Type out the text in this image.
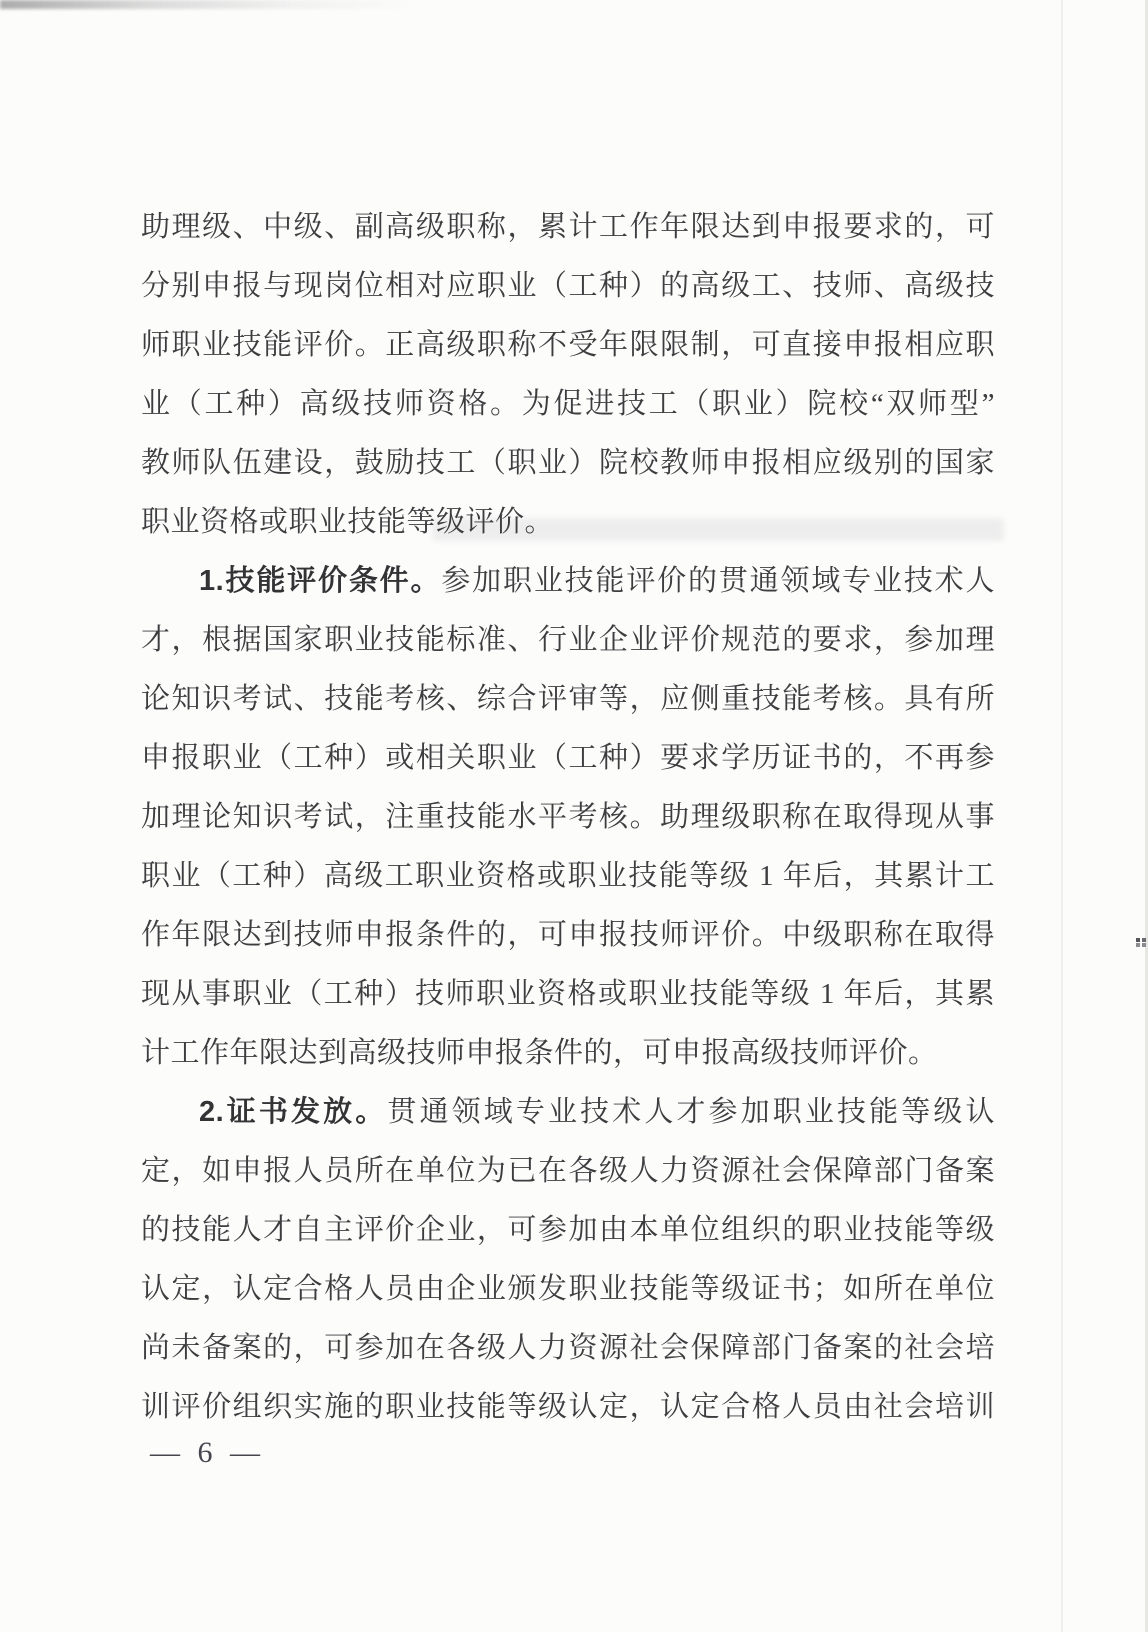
助理级、中级、副高级职称，累计工作年限达到申报要求的，可
分别申报与现岗位相对应职业（工种）的高级工、技师、高级技
师职业技能评价。正高级职称不受年限限制，可直接申报相应职
业（工种）高级技师资格。为促进技工（职业）院校“双师型”
教师队伍建设，鼓励技工（职业）院校教师申报相应级别的国家
职业资格或职业技能等级评价。
1.技能评价条件。参加职业技能评价的贯通领域专业技术人
才，根据国家职业技能标准、行业企业评价规范的要求，参加理
论知识考试、技能考核、综合评审等，应侧重技能考核。具有所
申报职业（工种）或相关职业（工种）要求学历证书的，不再参
加理论知识考试，注重技能水平考核。助理级职称在取得现从事
职业（工种）高级工职业资格或职业技能等级 1 年后，其累计工
作年限达到技师申报条件的，可申报技师评价。中级职称在取得
现从事职业（工种）技师职业资格或职业技能等级 1 年后，其累
计工作年限达到高级技师申报条件的，可申报高级技师评价。
2.证书发放。贯通领域专业技术人才参加职业技能等级认
定，如申报人员所在单位为已在各级人力资源社会保障部门备案
的技能人才自主评价企业，可参加由本单位组织的职业技能等级
认定，认定合格人员由企业颁发职业技能等级证书；如所在单位
尚未备案的，可参加在各级人力资源社会保障部门备案的社会培
训评价组织实施的职业技能等级认定，认定合格人员由社会培训
— 6 —
